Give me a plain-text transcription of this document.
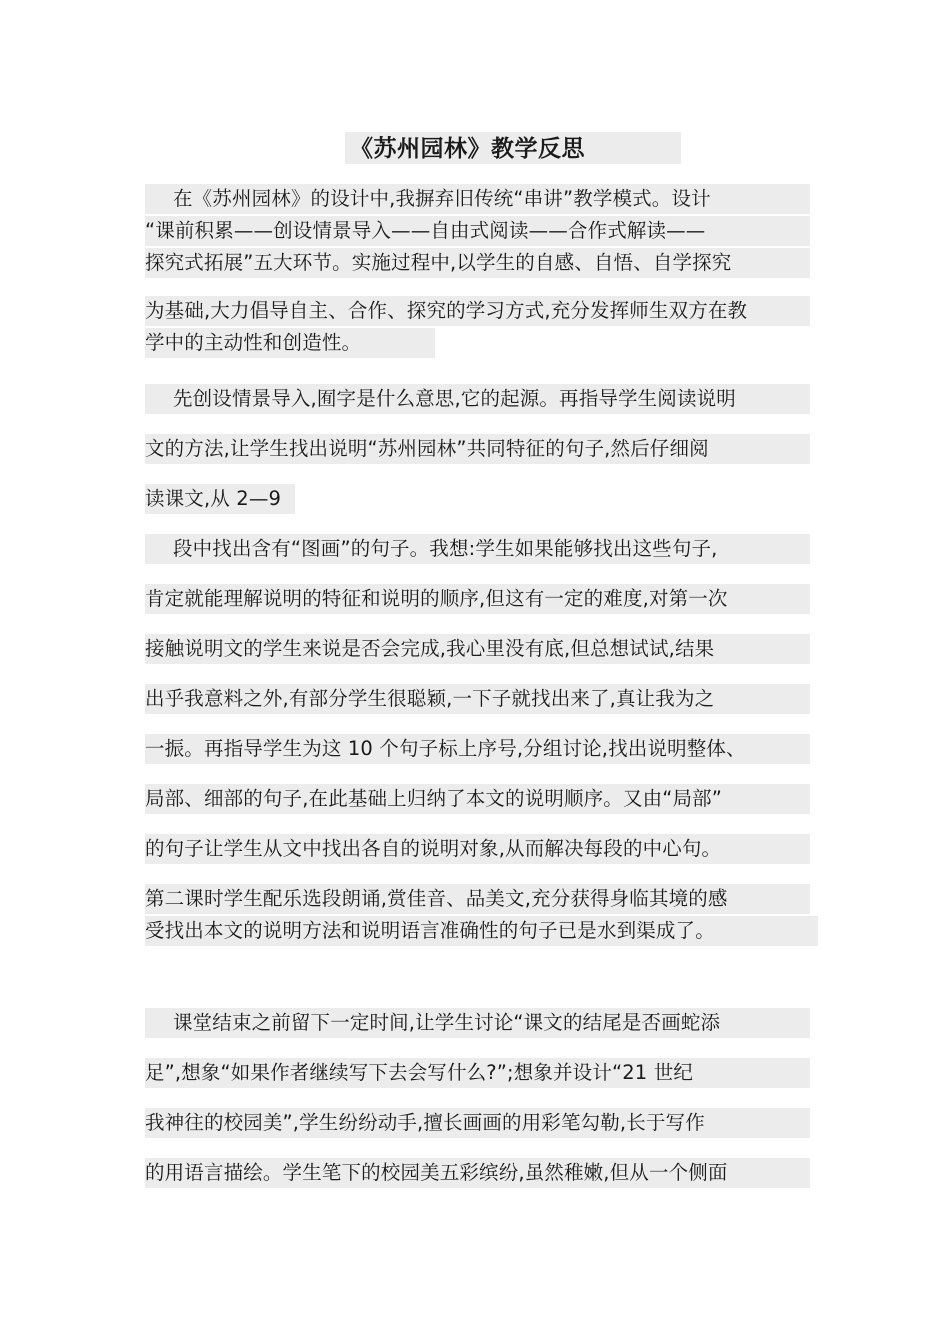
《苏州园林》教学反思
在《苏州园林》的设计中,我摒弃旧传统“串讲”教学模式。设计
“课前积累——创设情景导入——自由式阅读——合作式解读——
探究式拓展”五大环节。实施过程中,以学生的自感、自悟、自学探究
为基础,大力倡导自主、合作、探究的学习方式,充分发挥师生双方在教
学中的主动性和创造性。
先创设情景导入,囿字是什么意思,它的起源。再指导学生阅读说明
文的方法,让学生找出说明“苏州园林”共同特征的句子,然后仔细阅
读课文,从 2—9
段中找出含有“图画”的句子。我想:学生如果能够找出这些句子,
肯定就能理解说明的特征和说明的顺序,但这有一定的难度,对第一次
接触说明文的学生来说是否会完成,我心里没有底,但总想试试,结果
出乎我意料之外,有部分学生很聪颖,一下子就找出来了,真让我为之
一振。再指导学生为这 10 个句子标上序号,分组讨论,找出说明整体、
局部、细部的句子,在此基础上归纳了本文的说明顺序。又由“局部”
的句子让学生从文中找出各自的说明对象,从而解决每段的中心句。
第二课时学生配乐选段朗诵,赏佳音、品美文,充分获得身临其境的感
受找出本文的说明方法和说明语言准确性的句子已是水到渠成了。
课堂结束之前留下一定时间,让学生讨论“课文的结尾是否画蛇添
足”,想象“如果作者继续写下去会写什么?”;想象并设计“21 世纪
我神往的校园美”,学生纷纷动手,擅长画画的用彩笔勾勒,长于写作
的用语言描绘。学生笔下的校园美五彩缤纷,虽然稚嫩,但从一个侧面
